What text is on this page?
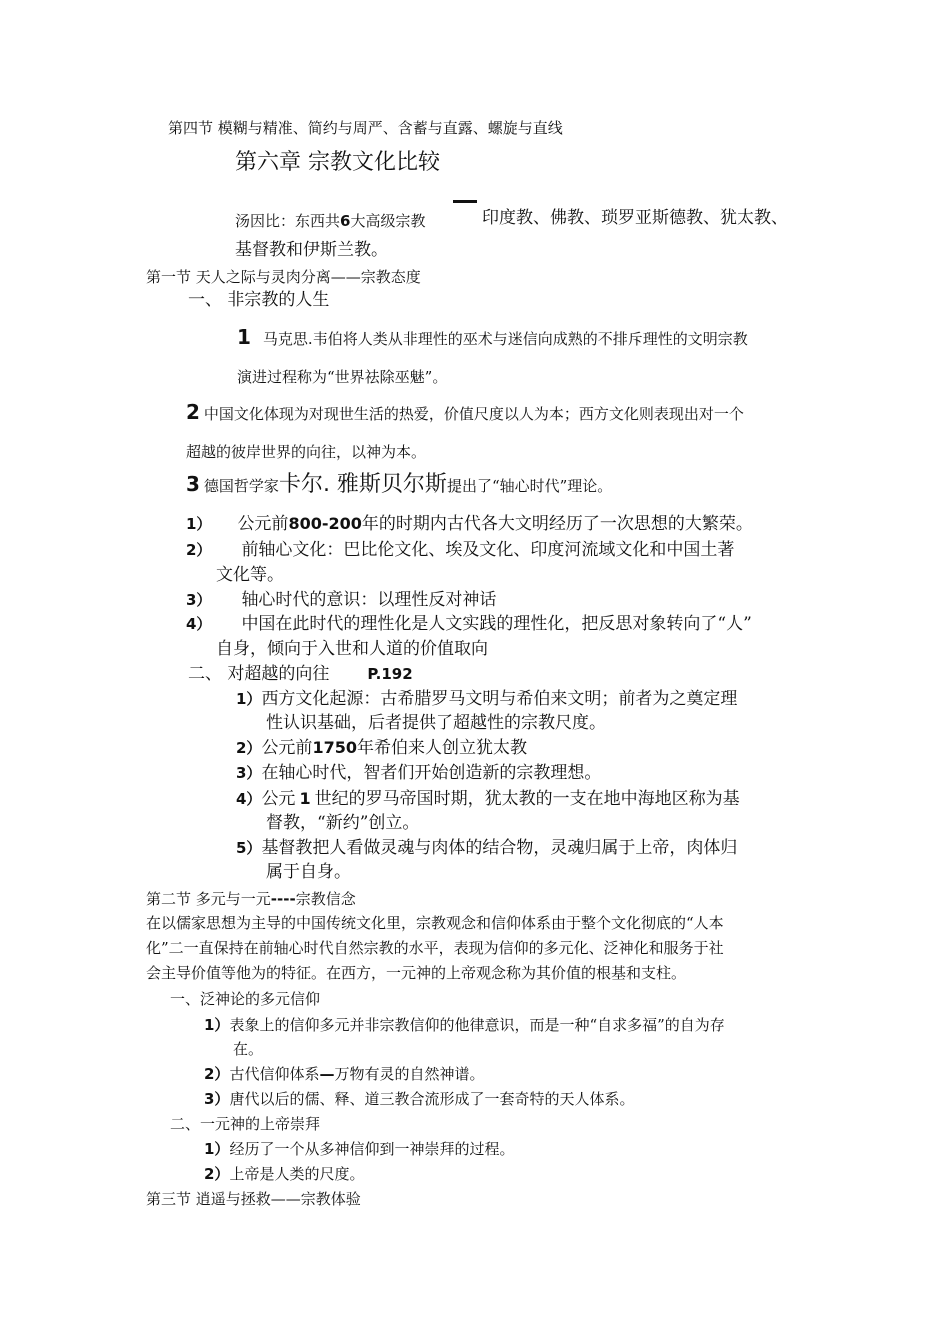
第四节 模糊与精准、简约与周严、含蓄与直露、螺旋与直线
第六章 宗教文化比较
汤因比：东西共6大高级宗教	印度教、佛教、琐罗亚斯德教、犹太教、
基督教和伊斯兰教。
第一节 天人之际与灵肉分离——宗教态度
一、 非宗教的人生
1 马克思.韦伯将人类从非理性的巫术与迷信向成熟的不排斥理性的文明宗教
演进过程称为“世界祛除巫魅”。
2 中国文化体现为对现世生活的热爱，价值尺度以人为本；西方文化则表现出对一个
超越的彼岸世界的向往，以神为本。
3 德国哲学家卡尔. 雅斯贝尔斯提出了“轴心时代”理论。
1） 公元前800-200年的时期内古代各大文明经历了一次思想的大繁荣。
2） 前轴心文化：巴比伦文化、埃及文化、印度河流域文化和中国土著
文化等。
3） 轴心时代的意识：以理性反对神话
4） 中国在此时代的理性化是人文实践的理性化，把反思对象转向了“人”
自身，倾向于入世和人道的价值取向
二、 对超越的向往	P.192
1）西方文化起源：古希腊罗马文明与希伯来文明；前者为之奠定理
性认识基础，后者提供了超越性的宗教尺度。
2）公元前1750年希伯来人创立犹太教
3）在轴心时代，智者们开始创造新的宗教理想。
4）公元 1 世纪的罗马帝国时期，犹太教的一支在地中海地区称为基
督教，“新约”创立。
5）基督教把人看做灵魂与肉体的结合物，灵魂归属于上帝，肉体归
属于自身。
第二节 多元与一元----宗教信念
在以儒家思想为主导的中国传统文化里，宗教观念和信仰体系由于整个文化彻底的“人本
化”二一直保持在前轴心时代自然宗教的水平，表现为信仰的多元化、泛神化和服务于社
会主导价值等他为的特征。在西方，一元神的上帝观念称为其价值的根基和支柱。
一、泛神论的多元信仰
1）表象上的信仰多元并非宗教信仰的他律意识，而是一种“自求多福”的自为存
在。
2）古代信仰体系—万物有灵的自然神谱。
3）唐代以后的儒、释、道三教合流形成了一套奇特的天人体系。
二、一元神的上帝崇拜
1）经历了一个从多神信仰到一神崇拜的过程。
2）上帝是人类的尺度。
第三节 逍遥与拯救——宗教体验
